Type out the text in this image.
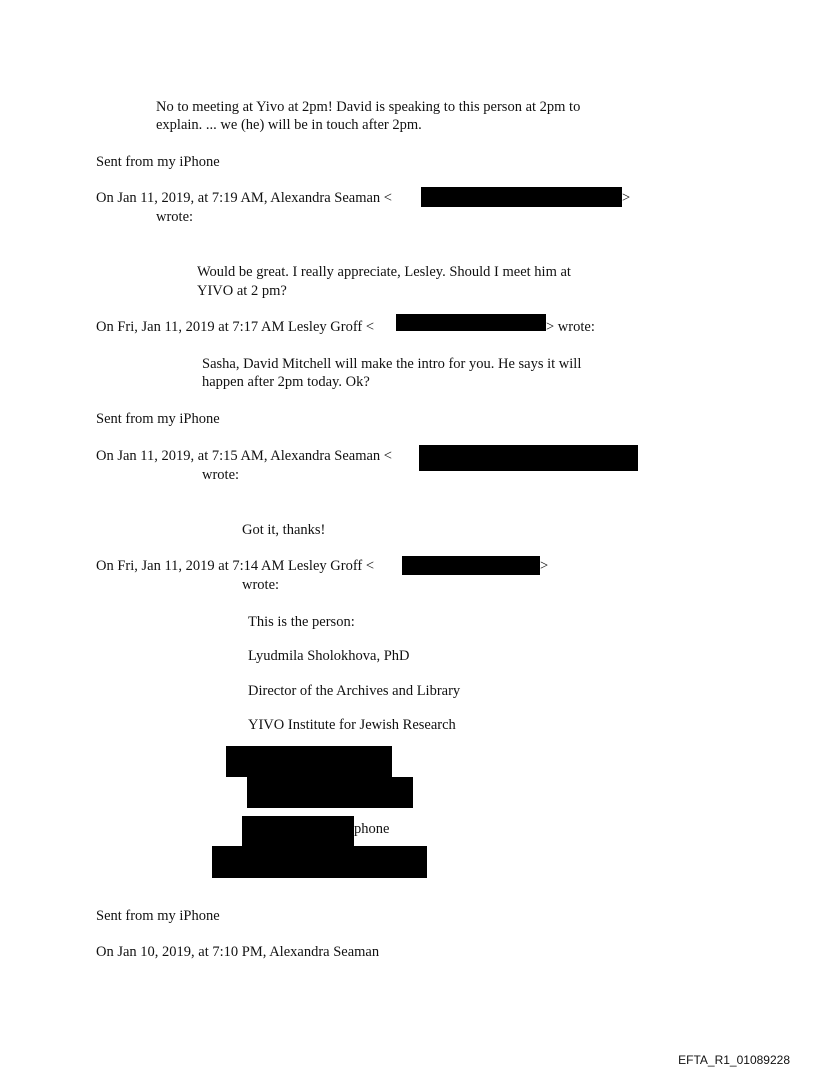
No to meeting at Yivo at 2pm! David is speaking to this person at 2pm to
explain. ... we (he) will be in touch after 2pm.
Sent from my iPhone
On Jan 11, 2019, at 7:19 AM, Alexandra Seaman <	>
wrote:
Would be great. I really appreciate, Lesley. Should I meet him at
YIVO at 2 pm?
On Fri, Jan 11, 2019 at 7:17 AM Lesley Groff <	> wrote:
Sasha, David Mitchell will make the intro for you. He says it will
happen after 2pm today. Ok?
Sent from my iPhone
On Jan 11, 2019, at 7:15 AM, Alexandra Seaman <
wrote:
Got it, thanks!
On Fri, Jan 11, 2019 at 7:14 AM Lesley Groff <	>
wrote:
This is the person:
Lyudmila Sholokhova, PhD
Director of the Archives and Library
YIVO Institute for Jewish Research
phone
Sent from my iPhone
On Jan 10, 2019, at 7:10 PM, Alexandra Seaman
EFTA_R1_01089228
